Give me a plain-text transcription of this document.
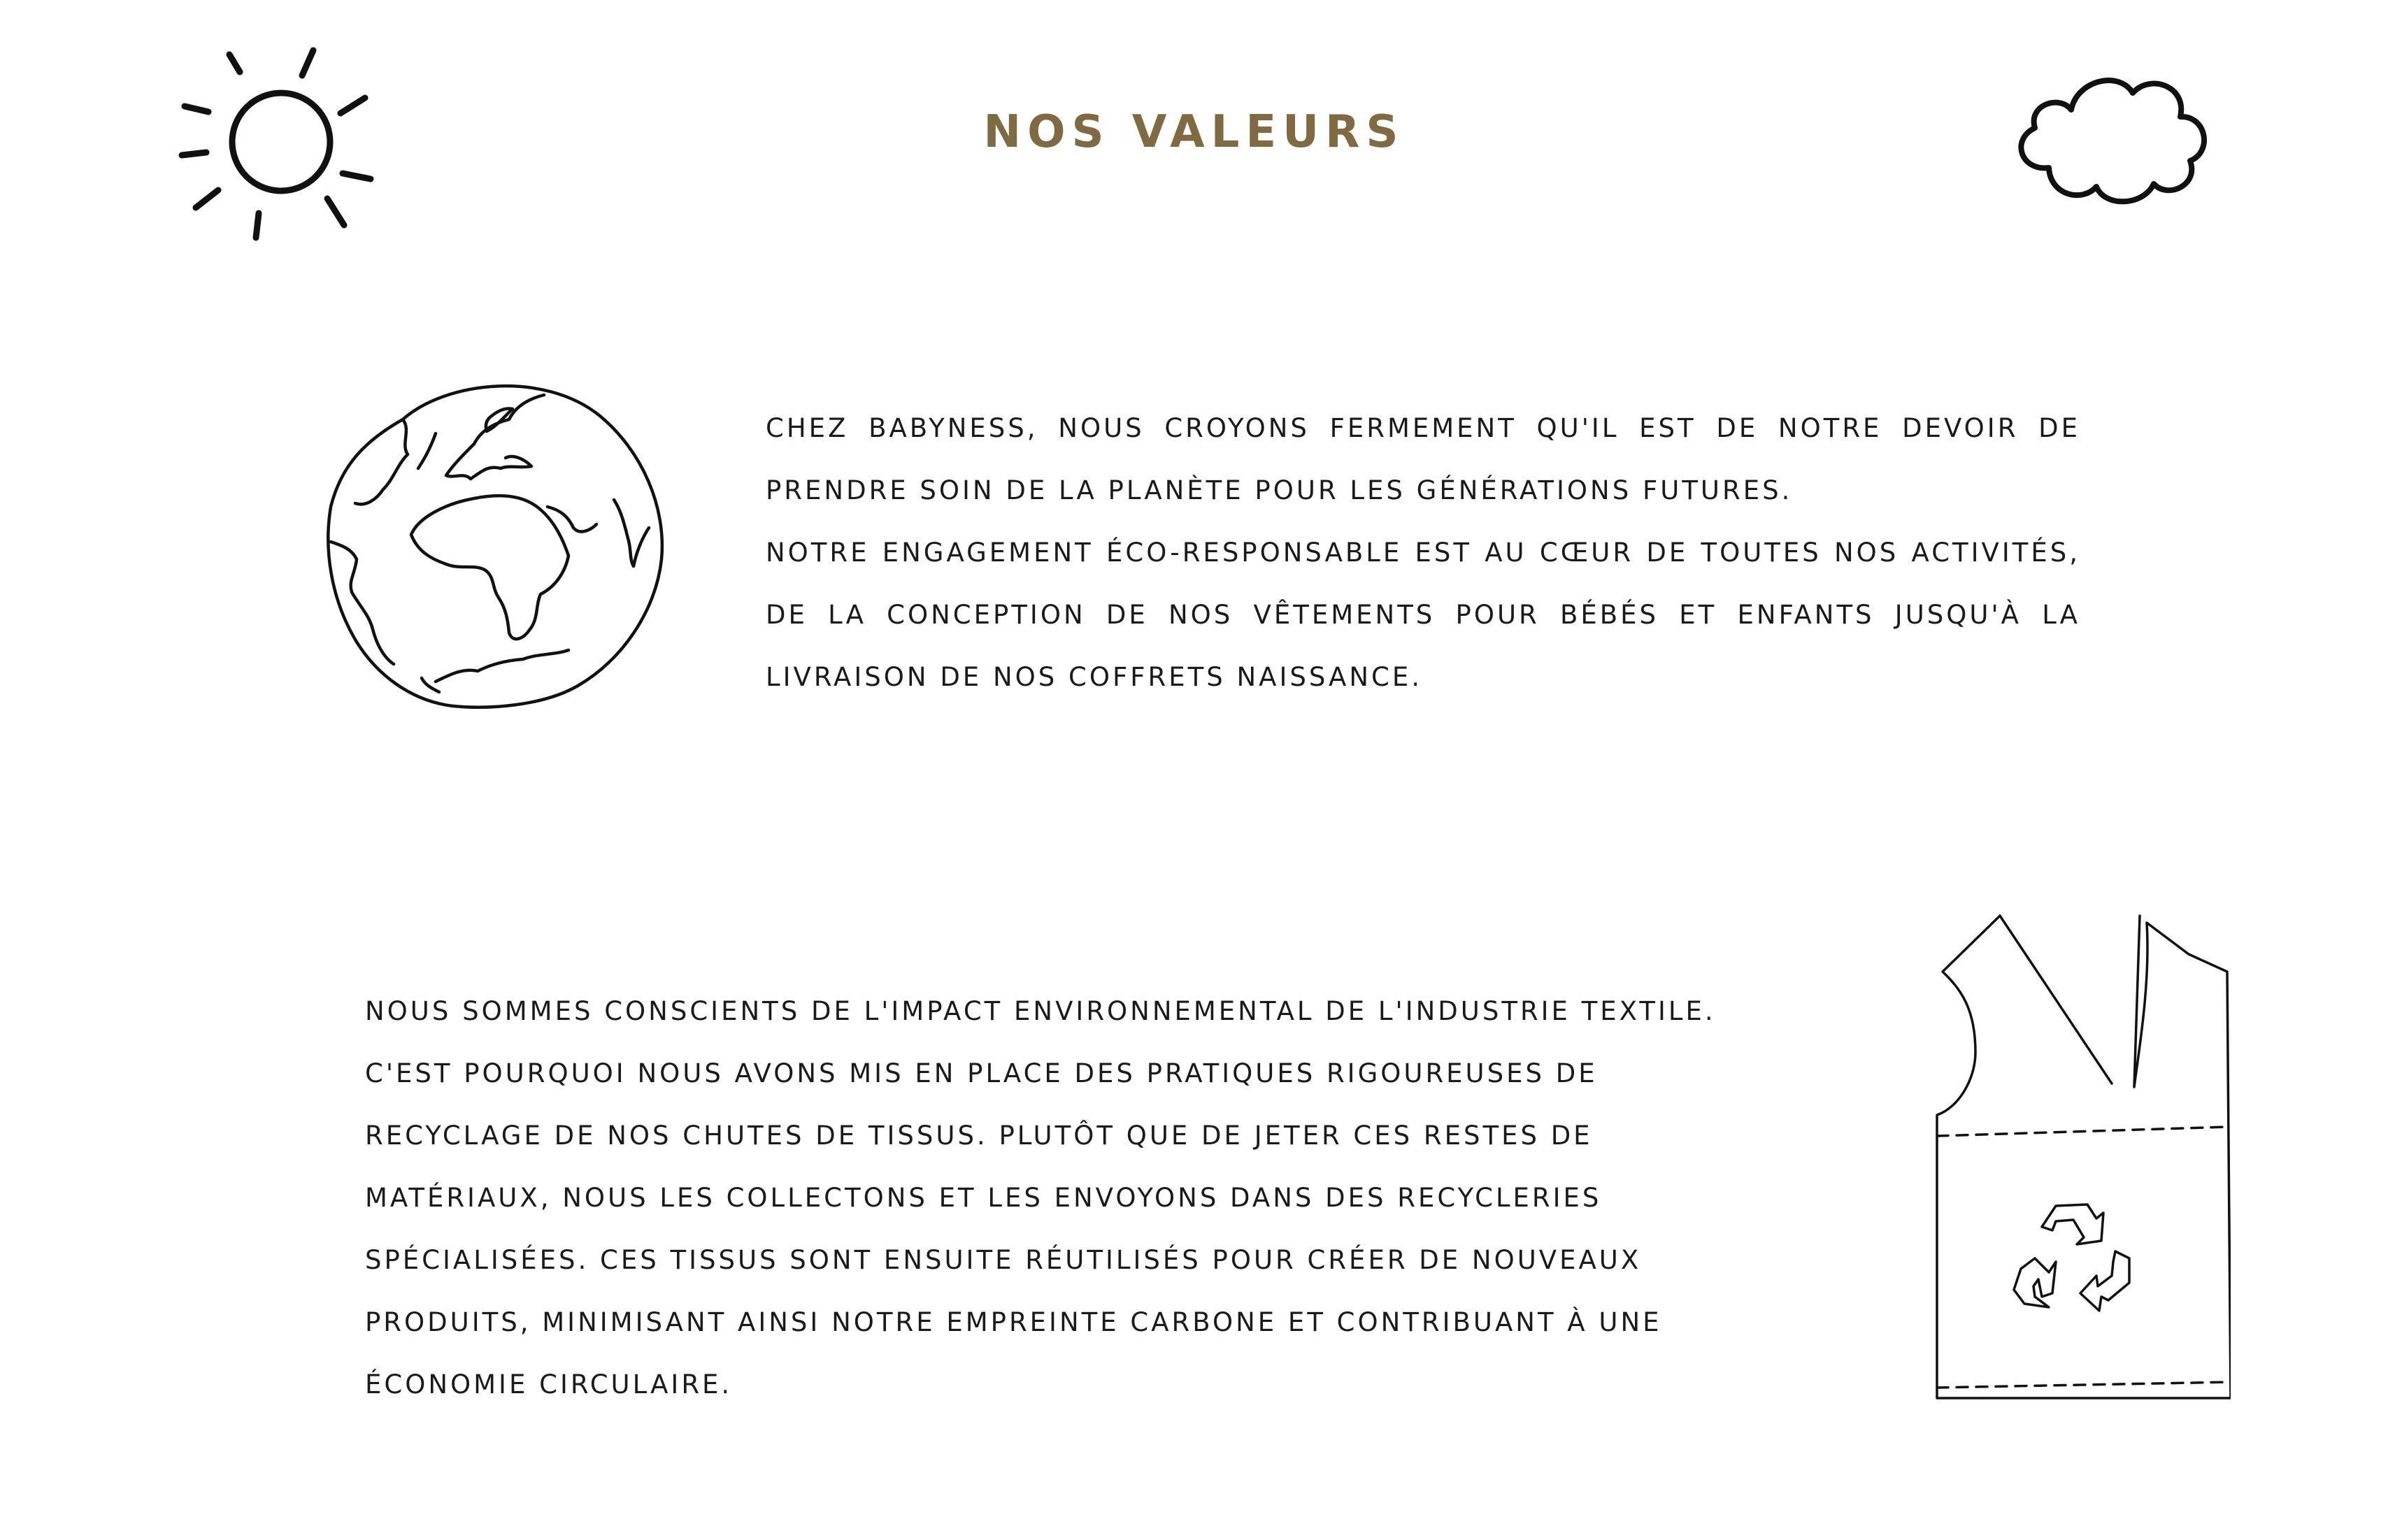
NOS VALEURS

CHEZ BABYNESS, NOUS CROYONS FERMEMENT QU'IL EST DE NOTRE DEVOIR DE PRENDRE SOIN DE LA PLANÈTE POUR LES GÉNÉRATIONS FUTURES.

NOTRE ENGAGEMENT ÉCO-RESPONSABLE EST AU CŒUR DE TOUTES NOS ACTIVITÉS, DE LA CONCEPTION DE NOS VÊTEMENTS POUR BÉBÉS ET ENFANTS JUSQU'À LA LIVRAISON DE NOS COFFRETS NAISSANCE.

NOUS SOMMES CONSCIENTS DE L'IMPACT ENVIRONNEMENTAL DE L'INDUSTRIE TEXTILE. C'EST POURQUOI NOUS AVONS MIS EN PLACE DES PRATIQUES RIGOUREUSES DE RECYCLAGE DE NOS CHUTES DE TISSUS. PLUTÔT QUE DE JETER CES RESTES DE MATÉRIAUX, NOUS LES COLLECTONS ET LES ENVOYONS DANS DES RECYCLERIES SPÉCIALISÉES. CES TISSUS SONT ENSUITE RÉUTILISÉS POUR CRÉER DE NOUVEAUX PRODUITS, MINIMISANT AINSI NOTRE EMPREINTE CARBONE ET CONTRIBUANT À UNE ÉCONOMIE CIRCULAIRE.
